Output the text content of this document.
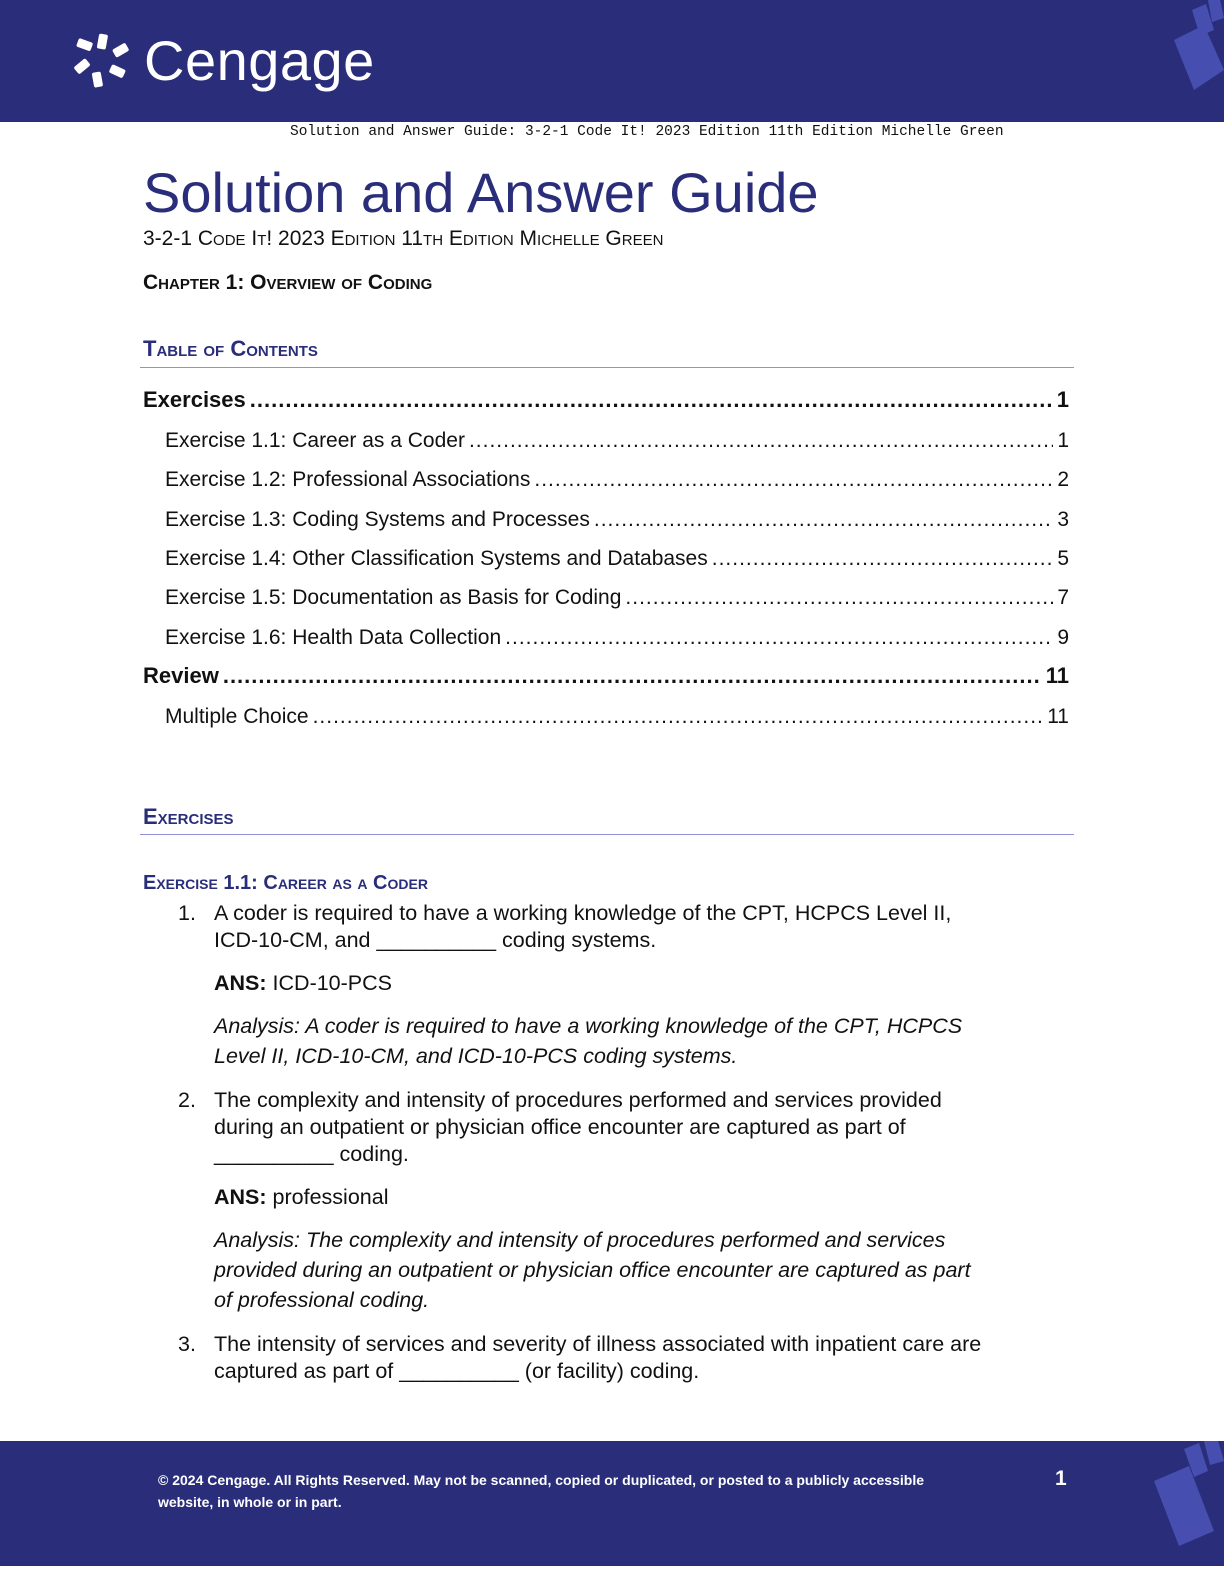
Cengage
Solution and Answer Guide: 3-2-1 Code It! 2023 Edition 11th Edition Michelle Green
Solution and Answer Guide
3-2-1 Code It! 2023 Edition 11th Edition Michelle Green
Chapter 1: Overview of Coding
Table of Contents
Exercises .....	1
Exercise 1.1: Career as a Coder .....	1
Exercise 1.2: Professional Associations .....	2
Exercise 1.3: Coding Systems and Processes .....	3
Exercise 1.4: Other Classification Systems and Databases .....	5
Exercise 1.5: Documentation as Basis for Coding .....	7
Exercise 1.6: Health Data Collection .....	9
Review .....	11
Multiple Choice .....	11
Exercises
Exercise 1.1: Career as a Coder
1. A coder is required to have a working knowledge of the CPT, HCPCS Level II,
ICD-10-CM, and __________ coding systems.

ANS: ICD-10-PCS

Analysis: A coder is required to have a working knowledge of the CPT, HCPCS
Level II, ICD-10-CM, and ICD-10-PCS coding systems.

2. The complexity and intensity of procedures performed and services provided
during an outpatient or physician office encounter are captured as part of
__________ coding.

ANS: professional

Analysis: The complexity and intensity of procedures performed and services
provided during an outpatient or physician office encounter are captured as part
of professional coding.

3. The intensity of services and severity of illness associated with inpatient care are
captured as part of __________ (or facility) coding.

© 2024 Cengage. All Rights Reserved. May not be scanned, copied or duplicated, or posted to a publicly accessible website, in whole or in part.
1
